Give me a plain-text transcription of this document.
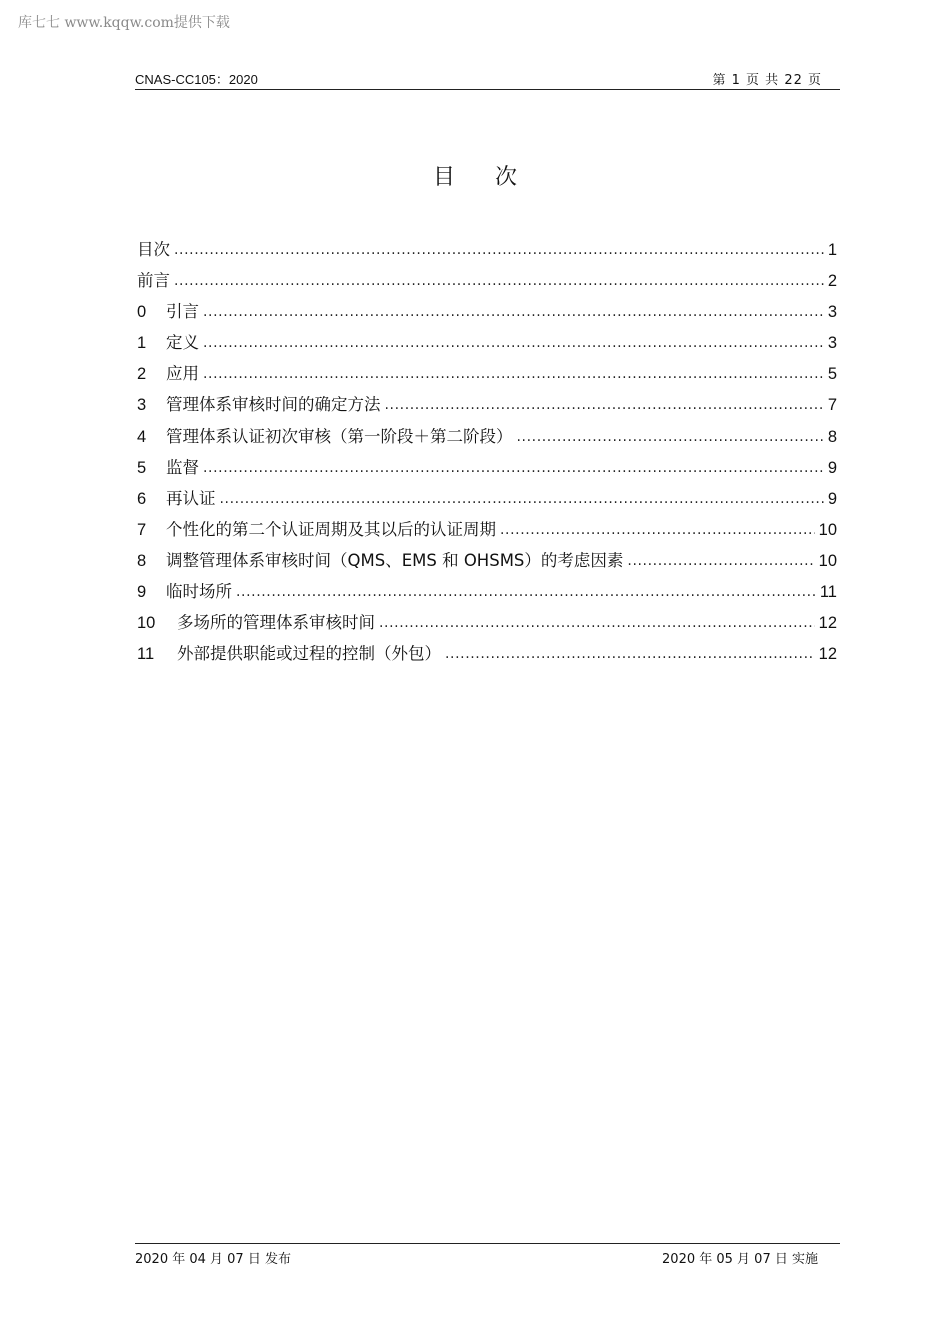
库七七 www.kqqw.com提供下载
CNAS-CC105：2020	第 1 页 共 22 页
目次
目次 .....	1
前言 .....	2
0	引言 .....	3
1	定义 .....	3
2	应用 .....	5
3	管理体系审核时间的确定方法 .....	7
4	管理体系认证初次审核（第一阶段＋第二阶段） .....	8
5	监督 .....	9
6	再认证 .....	9
7	个性化的第二个认证周期及其以后的认证周期 .....	10
8	调整管理体系审核时间（QMS、EMS 和 OHSMS）的考虑因素 .....	10
9	临时场所 .....	11
10	多场所的管理体系审核时间 .....	12
11	外部提供职能或过程的控制（外包） .....	12
2020 年 04 月 07 日 发布	2020 年 05 月 07 日 实施
